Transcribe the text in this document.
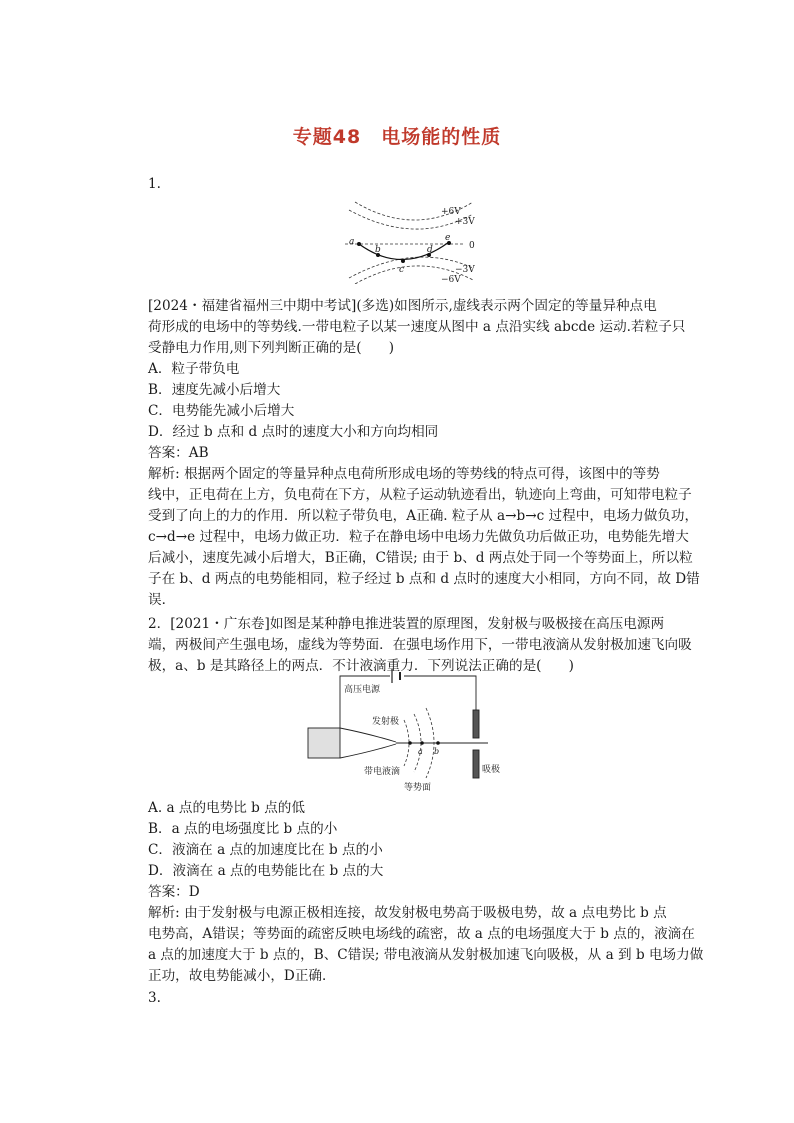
专题48　电场能的性质
1.
a
b
c
d
e
+6V
+3V
0
−3V
−6V
[2024・福建省福州三中期中考试](多选)如图所示,虚线表示两个固定的等量异种点电
荷形成的电场中的等势线.一带电粒子以某一速度从图中 a 点沿实线 abcde 运动.若粒子只
受静电力作用,则下列判断正确的是(　　)
A．粒子带负电
B．速度先减小后增大
C．电势能先减小后增大
D．经过 b 点和 d 点时的速度大小和方向均相同
答案：AB
解析: 根据两个固定的等量异种点电荷所形成电场的等势线的特点可得，该图中的等势
线中，正电荷在上方，负电荷在下方，从粒子运动轨迹看出，轨迹向上弯曲，可知带电粒子
受到了向上的力的作用．所以粒子带负电，A正确. 粒子从 a→b→c 过程中，电场力做负功，
c→d→e 过程中，电场力做正功．粒子在静电场中电场力先做负功后做正功，电势能先增大
后减小，速度先减小后增大，B正确，C错误; 由于 b、d 两点处于同一个等势面上，所以粒
子在 b、d 两点的电势能相同，粒子经过 b 点和 d 点时的速度大小相同，方向不同，故 D错
误．
2．[2021・广东卷]如图是某种静电推进装置的原理图，发射极与吸极接在高压电源两
端，两极间产生强电场，虚线为等势面．在强电场作用下，一带电液滴从发射极加速飞向吸
极，a、b 是其路径上的两点．不计液滴重力．下列说法正确的是(　　)
高压电源
发射极
带电液滴
等势面
吸极
a b
A. a 点的电势比 b 点的低
B．a 点的电场强度比 b 点的小
C．液滴在 a 点的加速度比在 b 点的小
D．液滴在 a 点的电势能比在 b 点的大
答案：D
解析: 由于发射极与电源正极相连接，故发射极电势高于吸极电势，故 a 点电势比 b 点
电势高，A错误；等势面的疏密反映电场线的疏密，故 a 点的电场强度大于 b 点的，液滴在
a 点的加速度大于 b 点的，B、C错误; 带电液滴从发射极加速飞向吸极，从 a 到 b 电场力做
正功，故电势能减小，D正确．
3.
